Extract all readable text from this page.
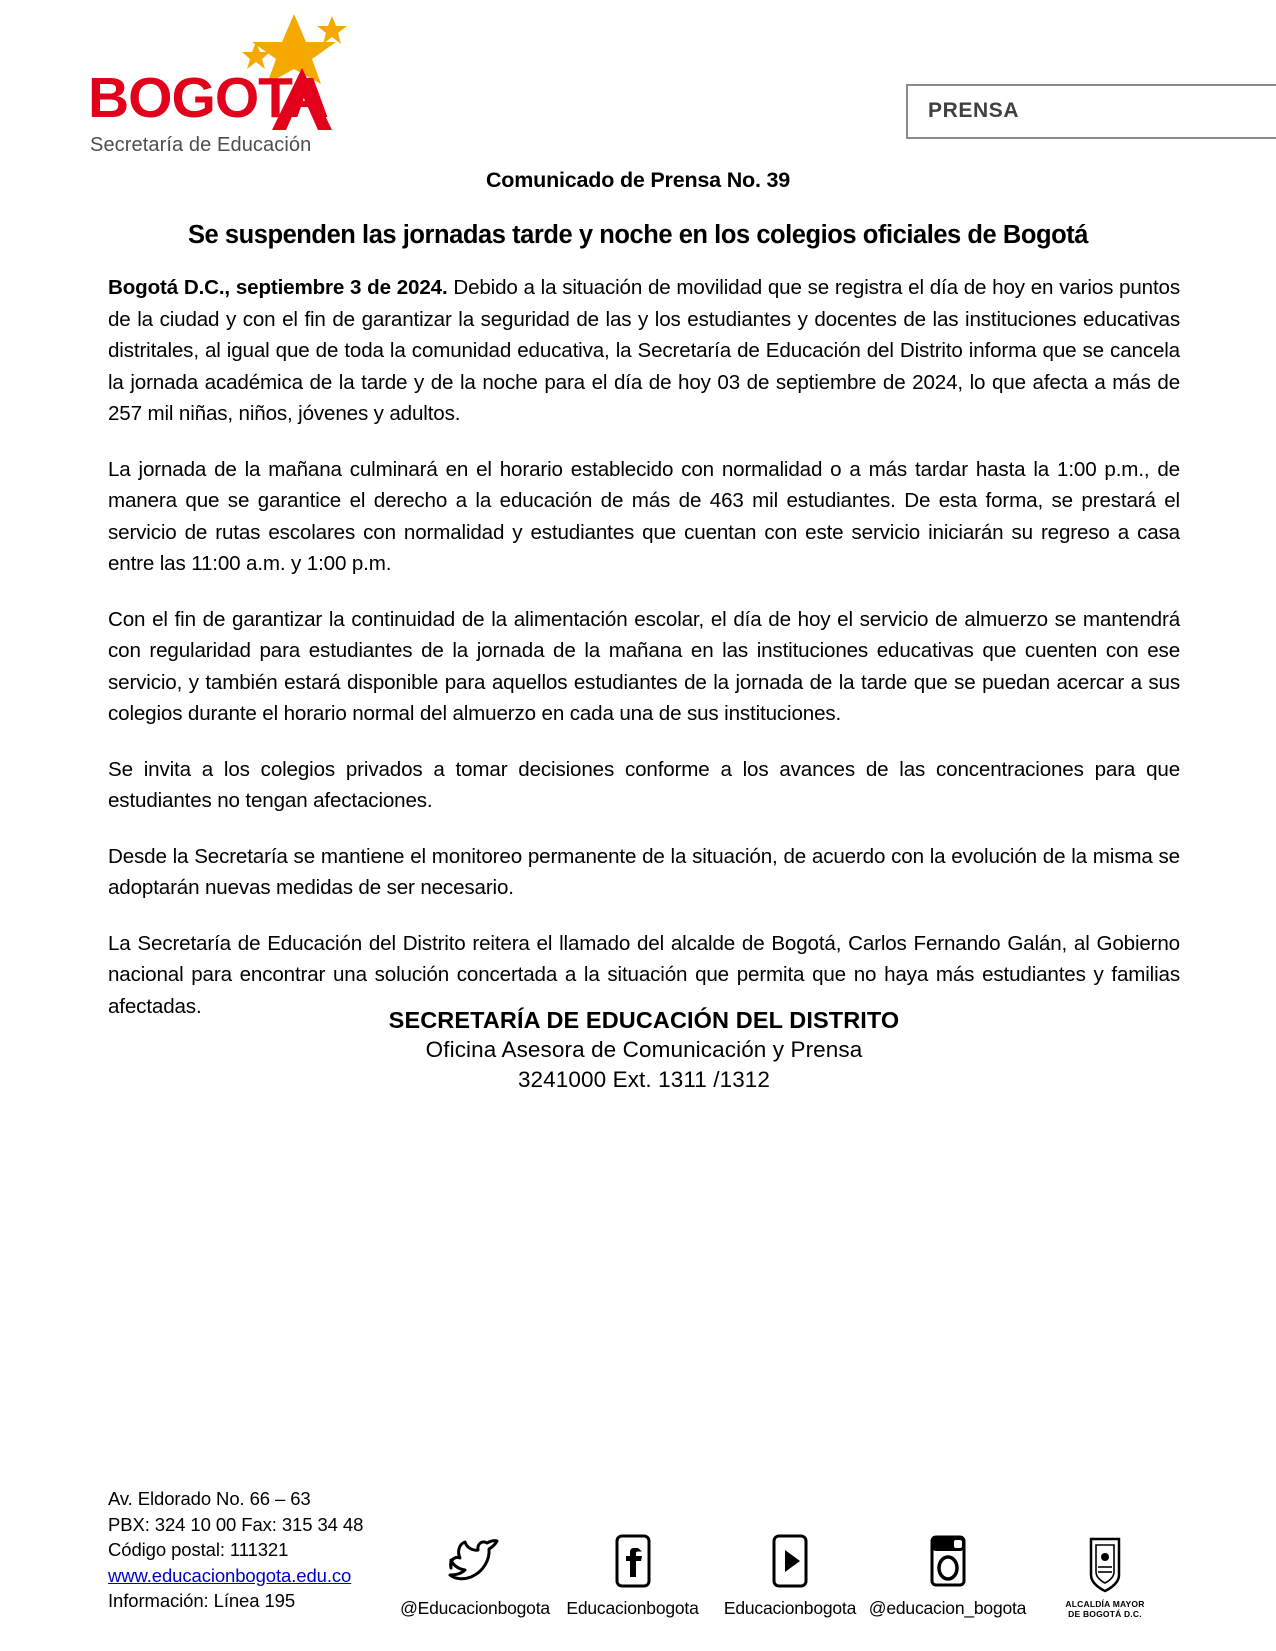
BOGOTA
Secretaría de Educación
PRENSA
Comunicado de Prensa No. 39
Se suspenden las jornadas tarde y noche en los colegios oficiales de Bogotá

Bogotá D.C., septiembre 3 de 2024. Debido a la situación de movilidad que se registra el día de hoy en varios puntos de la ciudad y con el fin de garantizar la seguridad de las y los estudiantes y docentes de las instituciones educativas distritales, al igual que de toda la comunidad educativa, la Secretaría de Educación del Distrito informa que se cancela la jornada académica de la tarde y de la noche para el día de hoy 03 de septiembre de 2024, lo que afecta a más de 257 mil niñas, niños, jóvenes y adultos.

La jornada de la mañana culminará en el horario establecido con normalidad o a más tardar hasta la 1:00 p.m., de manera que se garantice el derecho a la educación de más de 463 mil estudiantes. De esta forma, se prestará el servicio de rutas escolares con normalidad y estudiantes que cuentan con este servicio iniciarán su regreso a casa entre las 11:00 a.m. y 1:00 p.m.

Con el fin de garantizar la continuidad de la alimentación escolar, el día de hoy el servicio de almuerzo se mantendrá con regularidad para estudiantes de la jornada de la mañana en las instituciones educativas que cuenten con ese servicio, y también estará disponible para aquellos estudiantes de la jornada de la tarde que se puedan acercar a sus colegios durante el horario normal del almuerzo en cada una de sus instituciones.

Se invita a los colegios privados a tomar decisiones conforme a los avances de las concentraciones para que estudiantes no tengan afectaciones.

Desde la Secretaría se mantiene el monitoreo permanente de la situación, de acuerdo con la evolución de la misma se adoptarán nuevas medidas de ser necesario.

La Secretaría de Educación del Distrito reitera el llamado del alcalde de Bogotá, Carlos Fernando Galán, al Gobierno nacional para encontrar una solución concertada a la situación que permita que no haya más estudiantes y familias afectadas.

SECRETARÍA DE EDUCACIÓN DEL DISTRITO
Oficina Asesora de Comunicación y Prensa
3241000 Ext. 1311 /1312
Av. Eldorado No. 66 – 63
PBX: 324 10 00 Fax: 315 34 48
Código postal: 111321
www.educacionbogota.edu.co
Información: Línea 195	@Educacionbogota Educacionbogota Educacionbogota @educacion_bogota	ALCALDÍA MAYOR
DE BOGOTÁ D.C.
